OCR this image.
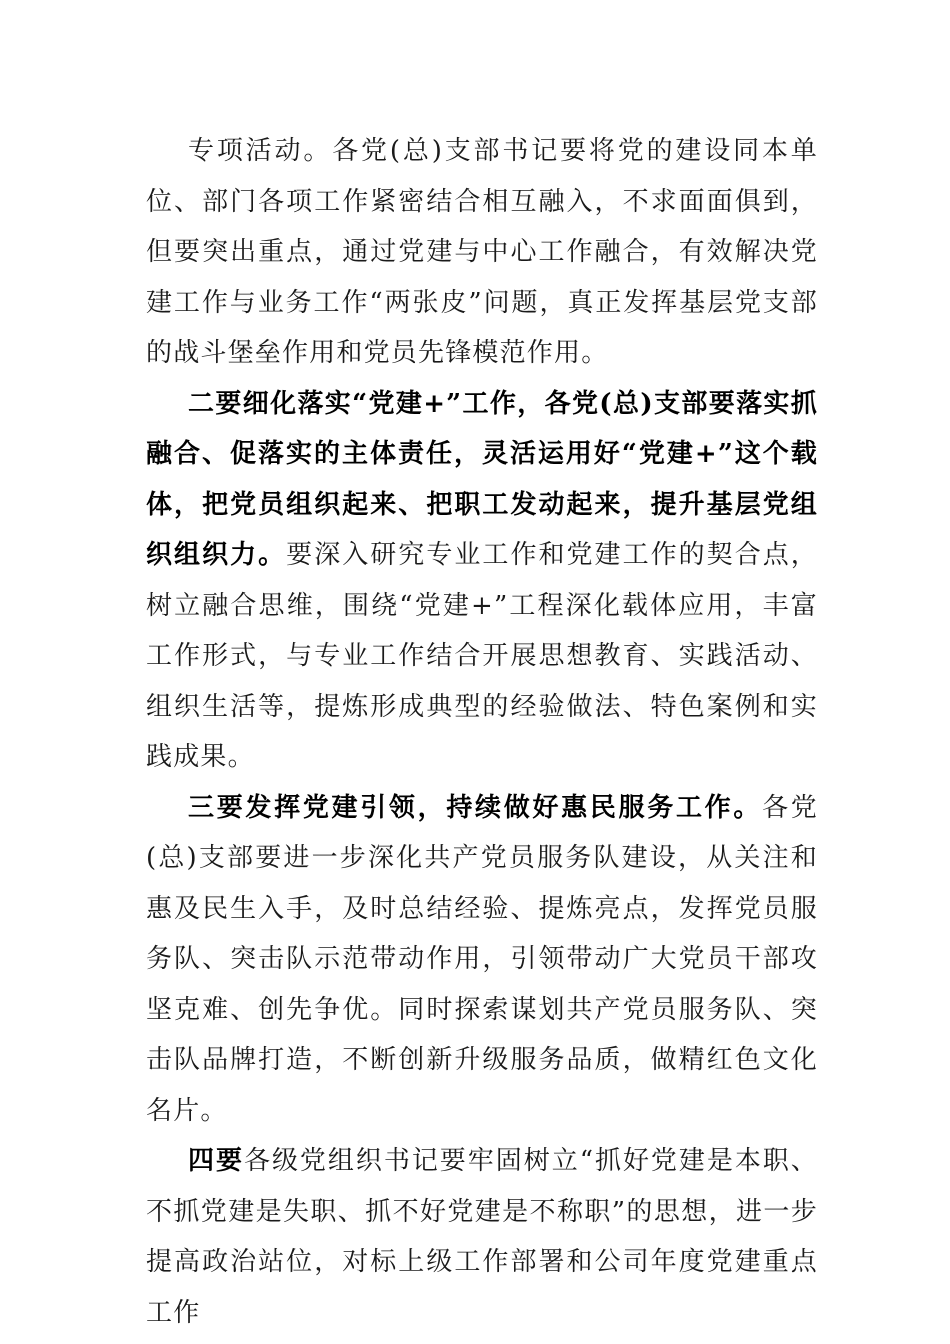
专项活动。各党(总)支部书记要将党的建设同本单位、部门各项工作紧密结合相互融入，不求面面俱到，但要突出重点，通过党建与中心工作融合，有效解决党建工作与业务工作“两张皮”问题，真正发挥基层党支部的战斗堡垒作用和党员先锋模范作用。

二要细化落实“党建+”工作，各党(总)支部要落实抓融合、促落实的主体责任，灵活运用好“党建+”这个载体，把党员组织起来、把职工发动起来，提升基层党组织组织力。要深入研究专业工作和党建工作的契合点，树立融合思维，围绕“党建+”工程深化载体应用，丰富工作形式，与专业工作结合开展思想教育、实践活动、组织生活等，提炼形成典型的经验做法、特色案例和实践成果。

三要发挥党建引领，持续做好惠民服务工作。各党(总)支部要进一步深化共产党员服务队建设，从关注和惠及民生入手，及时总结经验、提炼亮点，发挥党员服务队、突击队示范带动作用，引领带动广大党员干部攻坚克难、创先争优。同时探索谋划共产党员服务队、突击队品牌打造，不断创新升级服务品质，做精红色文化名片。

四要各级党组织书记要牢固树立“抓好党建是本职、不抓党建是失职、抓不好党建是不称职”的思想，进一步提高政治站位，对标上级工作部署和公司年度党建重点工作
